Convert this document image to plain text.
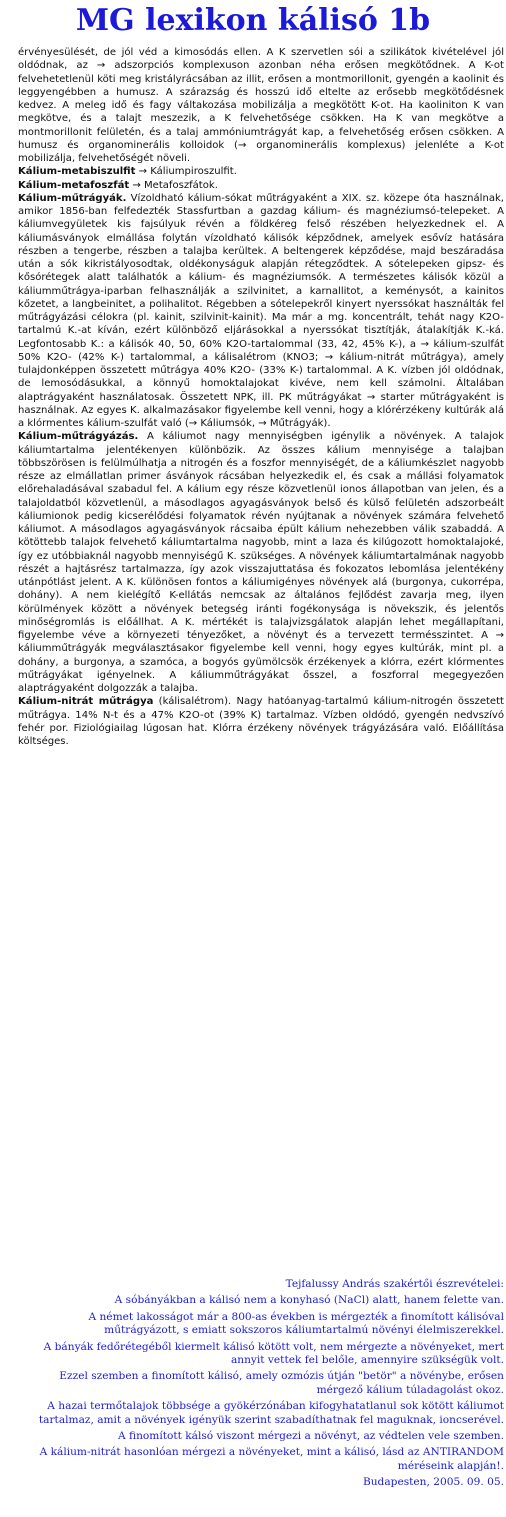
MG lexikon kálisó 1b

érvényesülését, de jól véd a kimosódás ellen. A K szervetlen sói a szilikátok kivételével jól oldódnak, az → adszorpciós komplexuson azonban néha erősen megkötődnek. A K-ot felvehetetlenül köti meg kristályrácsában az illit, erősen a montmorillonit, gyengén a kaolinit és leggyengébben a humusz. A szárazság és hosszú idő eltelte az erősebb megkötődésnek kedvez. A meleg idő és fagy váltakozása mobilizálja a megkötött K-ot. Ha kaoliniton K van megkötve, és a talajt meszezik, a K felvehetősége csökken. Ha K van megkötve a montmorillonit felületén, és a talaj ammóniumtrágyát kap, a felvehetőség erősen csökken. A humusz és organominerális kolloidok (→ organominerális komplexus) jelenléte a K-ot mobilizálja, felvehetőségét növeli.

Kálium-metabiszulfit → Káliumpiroszulfit.

Kálium-metafoszfát → Metafoszfátok.

Kálium-műtrágyák. Vízoldható kálium-sókat műtrágyaként a XIX. sz. közepe óta használnak, amikor 1856-ban felfedezték Stassfurtban a gazdag kálium- és magnéziumsó-telepeket. A káliumvegyületek kis fajsúlyuk révén a földkéreg felső részében helyezkednek el. A káliumásványok elmállása folytán vízoldható kálisók képződnek, amelyek esővíz hatására részben a tengerbe, részben a talajba kerültek. A beltengerek képződése, majd beszáradása után a sók kikristályosodtak, oldékonyságuk alapján rétegződtek. A sótelepeken gipsz- és kősórétegek alatt találhatók a kálium- és magnéziumsók. A természetes kálisók közül a káliumműtrágya-iparban felhasználják a szilvinitet, a karnallitot, a keménysót, a kainitos kőzetet, a langbeinitet, a polihalitot. Régebben a sótelepekről kinyert nyerssókat használták fel műtrágyázási célokra (pl. kainit, szilvinit-kainit). Ma már a mg. koncentrált, tehát nagy K2O-tartalmú K.-at kíván, ezért különböző eljárásokkal a nyerssókat tisztítják, átalakítják K.-ká. Legfontosabb K.: a kálisók 40, 50, 60% K2O-tartalommal (33, 42, 45% K-), a → kálium-szulfát 50% K2O- (42% K-) tartalommal, a kálisalétrom (KNO3; → kálium-nitrát műtrágya), amely tulajdonképpen összetett műtrágya 40% K2O- (33% K-) tartalommal. A K. vízben jól oldódnak, de lemosódásukkal, a könnyű homoktalajokat kivéve, nem kell számolni. Általában alaptrágyaként használatosak. Összetett NPK, ill. PK műtrágyákat → starter műtrágyaként is használnak. Az egyes K. alkalmazásakor figyelembe kell venni, hogy a klórérzékeny kultúrák alá a klórmentes kálium-szulfát való (→ Káliumsók, → Műtrágyák).

Kálium-műtrágyázás. A káliumot nagy mennyiségben igénylik a növények. A talajok káliumtartalma jelentékenyen különbözik. Az összes kálium mennyisége a talajban többszörösen is felülmúlhatja a nitrogén és a foszfor mennyiségét, de a káliumkészlet nagyobb része az elmállatlan primer ásványok rácsában helyezkedik el, és csak a mállási folyamatok előrehaladásával szabadul fel. A kálium egy része közvetlenül ionos állapotban van jelen, és a talajoldatból közvetlenül, a másodlagos agyagásványok belső és külső felületén adszorbeált káliumionok pedig kicserélődési folyamatok révén nyújtanak a növények számára felvehető káliumot. A másodlagos agyagásványok rácsaiba épült kálium nehezebben válik szabaddá. A kötöttebb talajok felvehető káliumtartalma nagyobb, mint a laza és kilúgozott homoktalajoké, így ez utóbbiaknál nagyobb mennyiségű K. szükséges. A növények káliumtartalmának nagyobb részét a hajtásrész tartalmazza, így azok visszajuttatása és fokozatos lebomlása jelentékény utánpótlást jelent. A K. különösen fontos a káliumigényes növények alá (burgonya, cukorrépa, dohány). A nem kielégítő K-ellátás nemcsak az általános fejlődést zavarja meg, ilyen körülmények között a növények betegség iránti fogékonysága is növekszik, és jelentős minőségromlás is előállhat. A K. mértékét is talajvizsgálatok alapján lehet megállapítani, figyelembe véve a környezeti tényezőket, a növényt és a tervezett termésszintet. A → káliumműtrágyák megválasztásakor figyelembe kell venni, hogy egyes kultúrák, mint pl. a dohány, a burgonya, a szamóca, a bogyós gyümölcsök érzékenyek a klórra, ezért klórmentes műtrágyákat igényelnek. A káliumműtrágyákat ősszel, a foszforral megegyezően alaptrágyaként dolgozzák a talajba.

Kálium-nitrát műtrágya (kálisalétrom). Nagy hatóanyag-tartalmú kálium-nitrogén összetett műtrágya. 14% N-t és a 47% K2O-ot (39% K) tartalmaz. Vízben oldódó, gyengén nedvszívó fehér por. Fiziológiailag lúgosan hat. Klórra érzékeny növények trágyázására való. Előállítása költséges.

Tejfalussy András szakértői észrevételei:

A sóbányákban a kálisó nem a konyhasó (NaCl) alatt, hanem felette van.

A német lakosságot már a 800-as években is mérgezték a finomított kálisóval műtrágyázott, s emiatt sokszoros káliumtartalmú növényi élelmiszerekkel.

A bányák fedőrétegéből kiermelt kálisó kötött volt, nem mérgezte a növényeket, mert annyit vettek fel belőle, amennyire szükségük volt.

Ezzel szemben a finomított kálisó, amely ozmózis útján "betör" a növénybe, erősen mérgező kálium túladagolást okoz.

A hazai termőtalajok többsége a gyökérzónában kifogyhatatlanul sok kötött káliumot tartalmaz, amit a növények igényük szerint szabadíthatnak fel maguknak, ioncserével.

A finomított kálsó viszont mérgezi a növényt, az védtelen vele szemben.

A kálium-nitrát hasonlóan mérgezi a növényeket, mint a kálisó, lásd az ANTIRANDOM méréseink alapján!.

Budapesten, 2005. 09. 05.
